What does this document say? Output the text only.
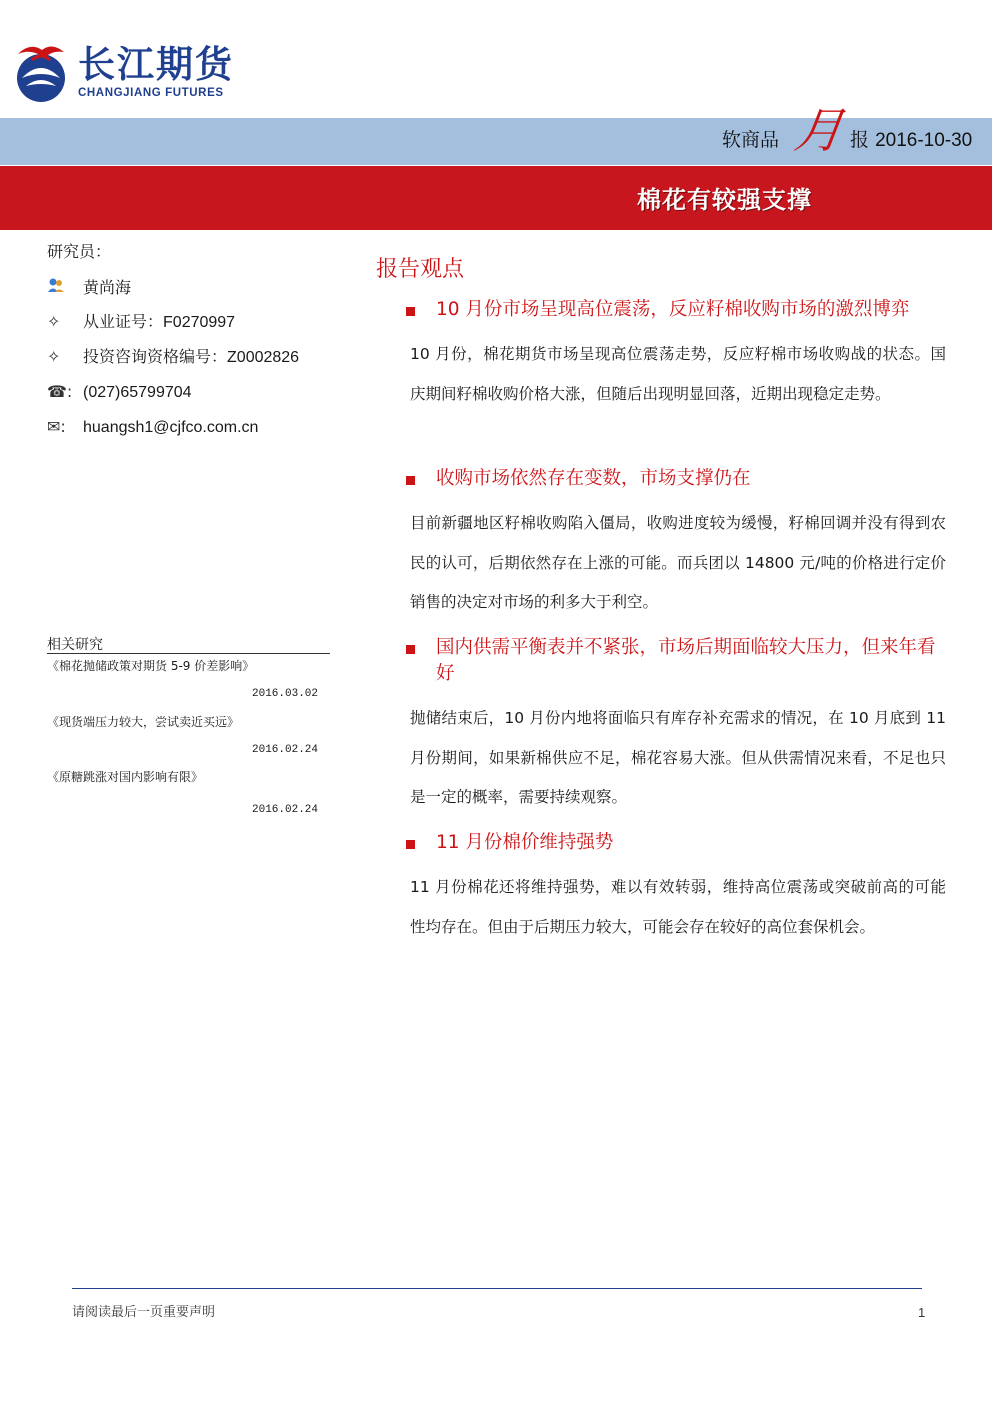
长江期货
CHANGJIANG FUTURES
软商品 月 报 2016-10-30
棉花有较强支撑
研究员：
黄尚海
✧ 从业证号：F0270997
✧ 投资咨询资格编号：Z0002826
☎: (027)65799704
✉: huangsh1@cjfco.com.cn
相关研究
《棉花抛储政策对期货 5-9 价差影响》
2016.03.02
《现货端压力较大，尝试卖近买远》
2016.02.24
《原糖跳涨对国内影响有限》
2016.02.24
报告观点
10 月份市场呈现高位震荡，反应籽棉收购市场的激烈博弈
10 月份，棉花期货市场呈现高位震荡走势，反应籽棉市场收购战的状态。国庆期间籽棉收购价格大涨，但随后出现明显回落，近期出现稳定走势。
收购市场依然存在变数，市场支撑仍在
目前新疆地区籽棉收购陷入僵局，收购进度较为缓慢，籽棉回调并没有得到农民的认可，后期依然存在上涨的可能。而兵团以 14800 元/吨的价格进行定价销售的决定对市场的利多大于利空。
国内供需平衡表并不紧张，市场后期面临较大压力，但来年看好
抛储结束后，10 月份内地将面临只有库存补充需求的情况，在 10 月底到 11 月份期间，如果新棉供应不足，棉花容易大涨。但从供需情况来看，不足也只是一定的概率，需要持续观察。
11 月份棉价维持强势
11 月份棉花还将维持强势，难以有效转弱，维持高位震荡或突破前高的可能性均存在。但由于后期压力较大，可能会存在较好的高位套保机会。
请阅读最后一页重要声明	1
